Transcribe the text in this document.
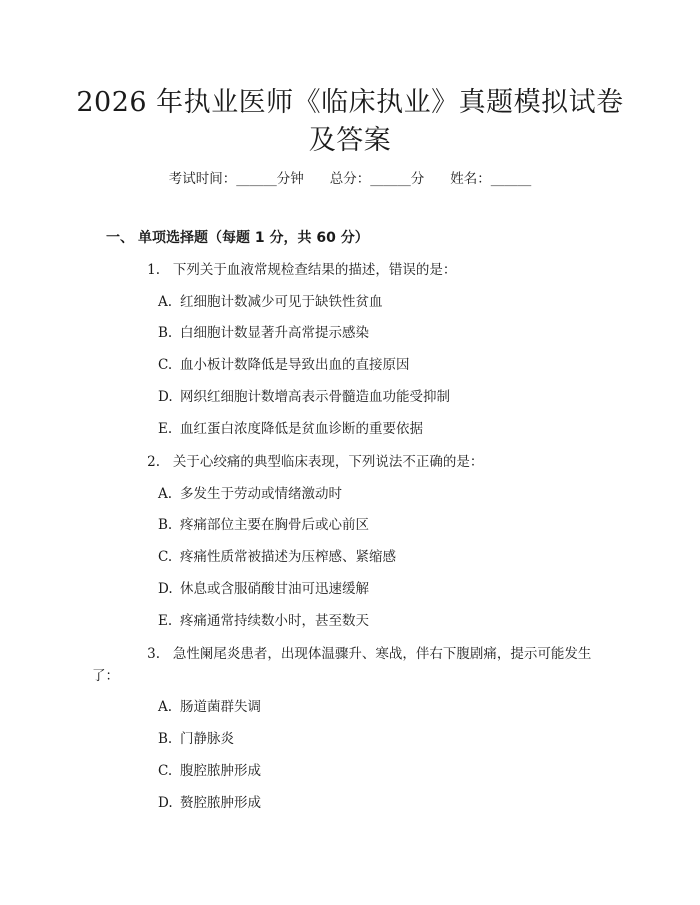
2026 年执业医师《临床执业》真题模拟试卷
及答案
考试时间：______分钟 总分：______分 姓名：______
一、 单项选择题（每题 1 分，共 60 分）
1. 下列关于血液常规检查结果的描述，错误的是：
A. 红细胞计数减少可见于缺铁性贫血
B. 白细胞计数显著升高常提示感染
C. 血小板计数降低是导致出血的直接原因
D. 网织红细胞计数增高表示骨髓造血功能受抑制
E. 血红蛋白浓度降低是贫血诊断的重要依据
2. 关于心绞痛的典型临床表现，下列说法不正确的是：
A. 多发生于劳动或情绪激动时
B. 疼痛部位主要在胸骨后或心前区
C. 疼痛性质常被描述为压榨感、紧缩感
D. 休息或含服硝酸甘油可迅速缓解
E. 疼痛通常持续数小时，甚至数天
3. 急性阑尾炎患者，出现体温骤升、寒战，伴右下腹剧痛，提示可能发生
了：
A. 肠道菌群失调
B. 门静脉炎
C. 腹腔脓肿形成
D. 赘腔脓肿形成
